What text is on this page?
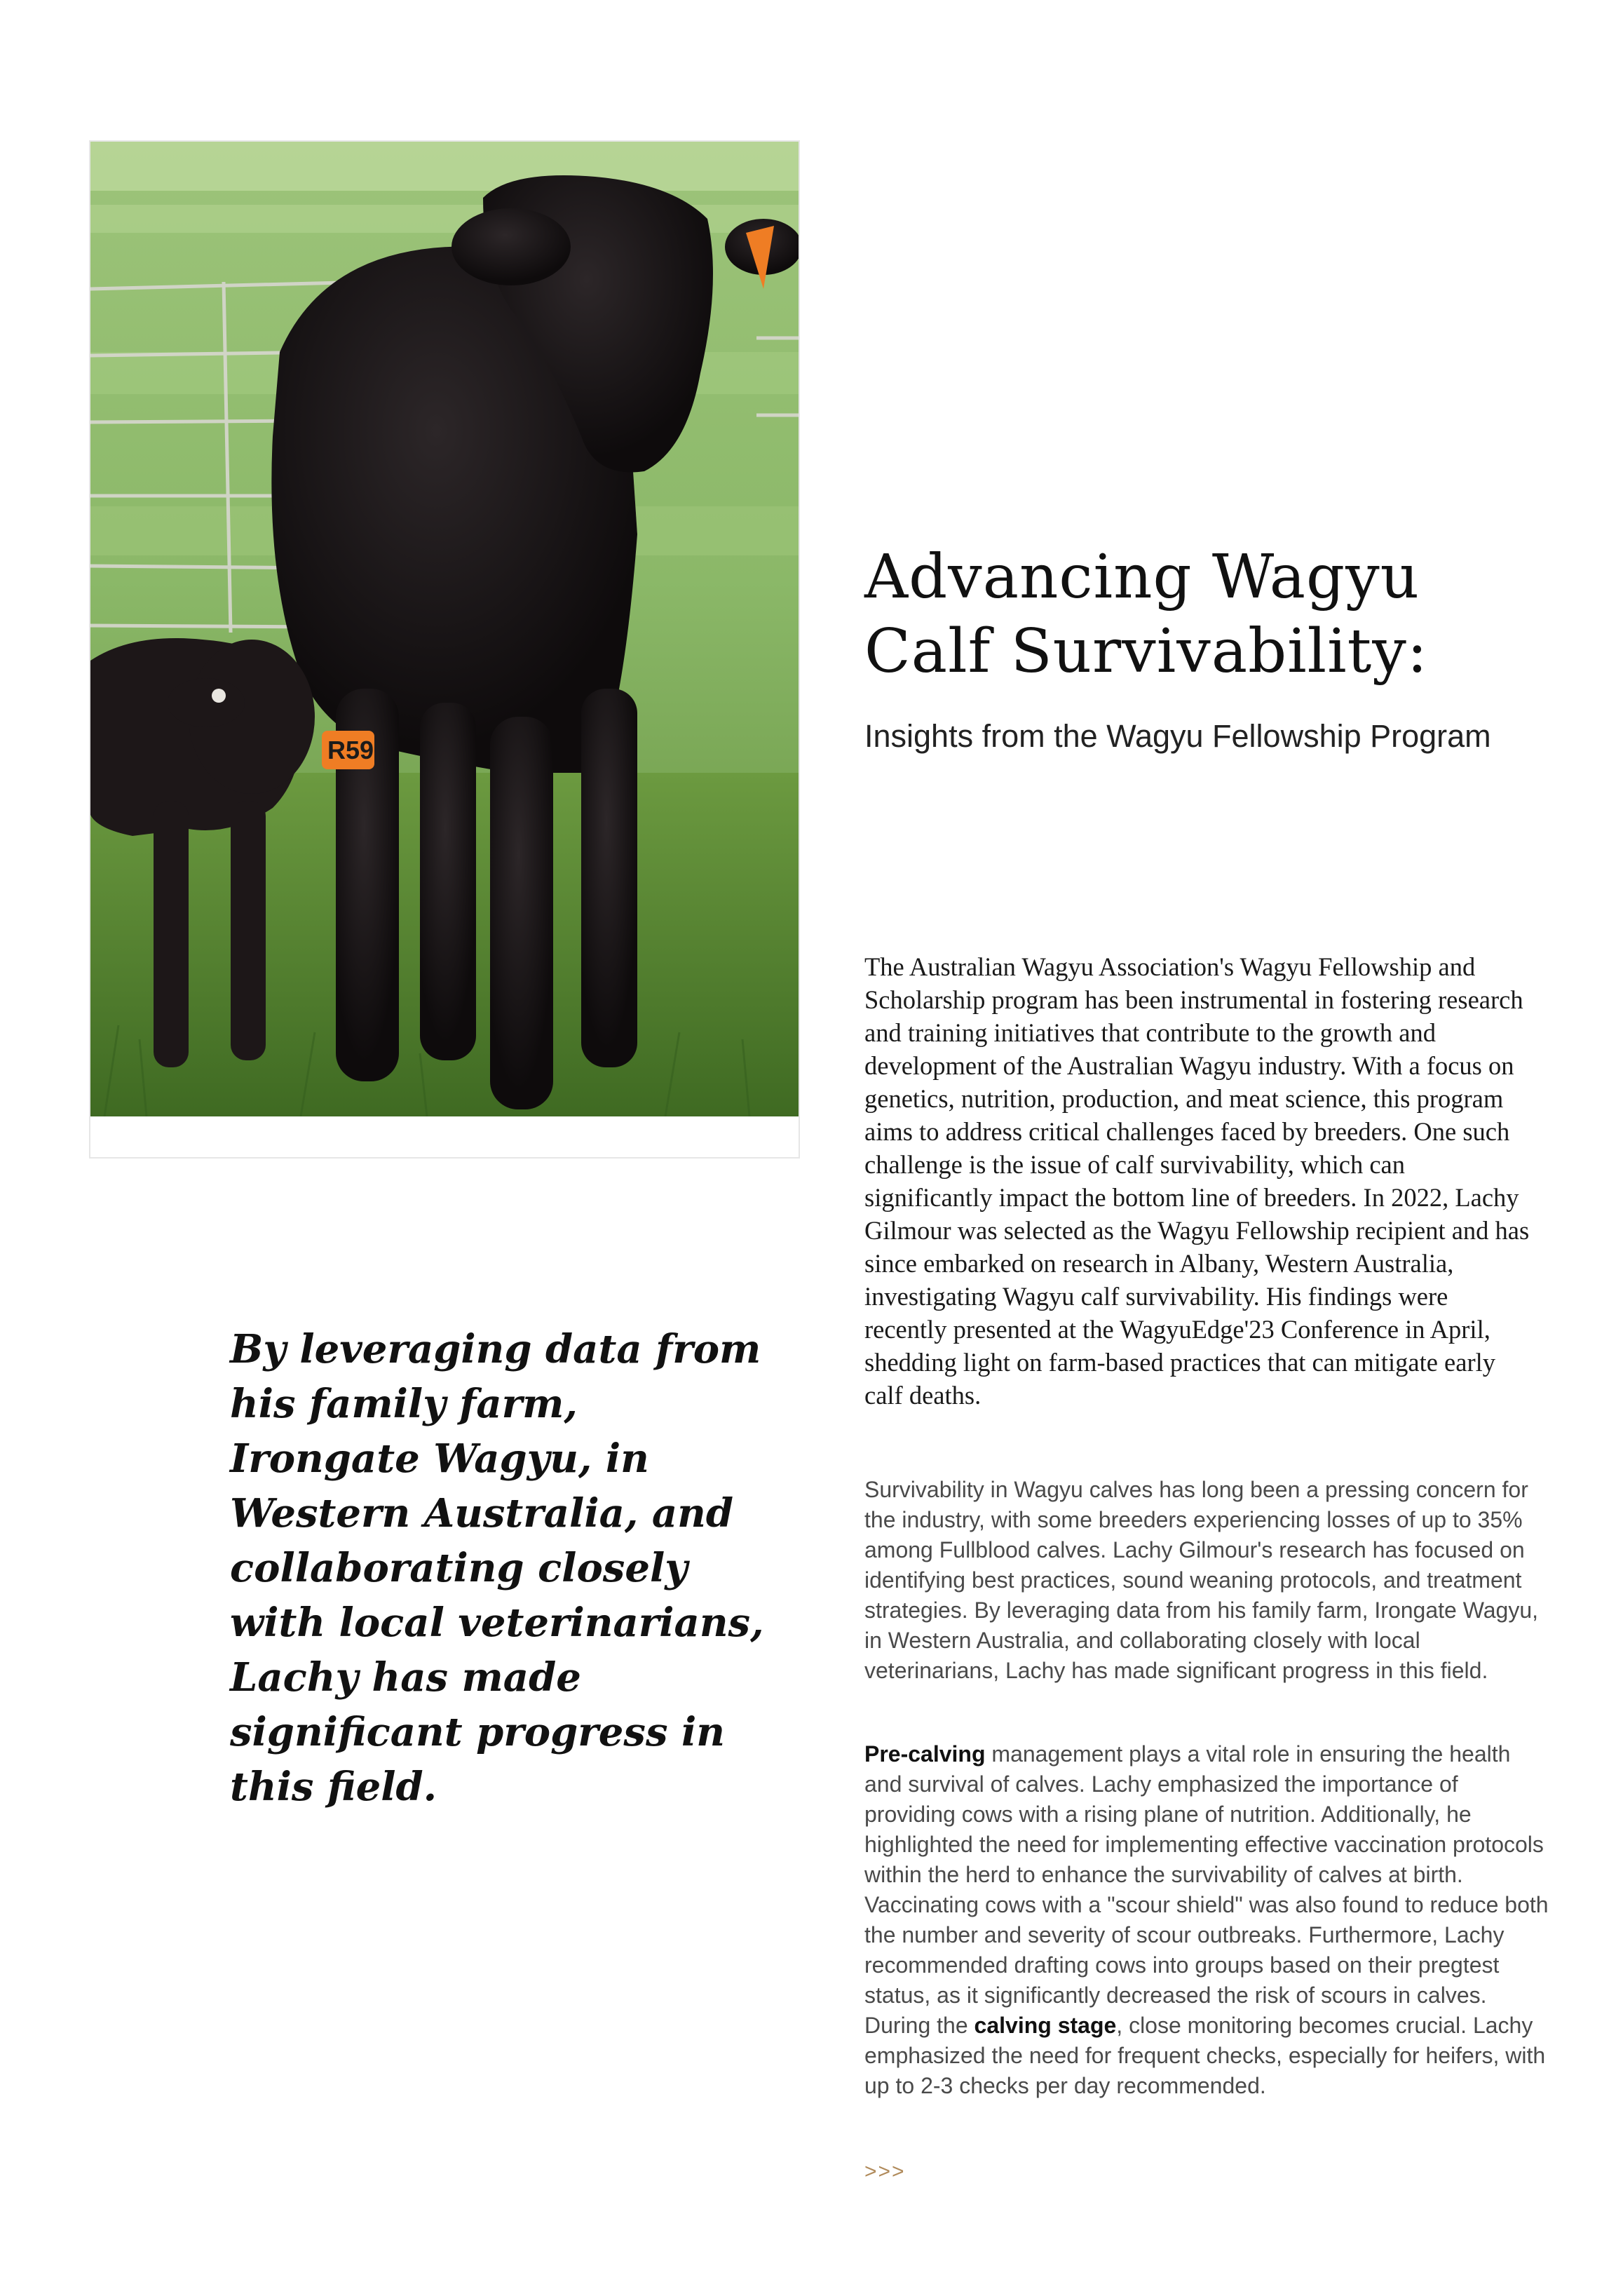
R59
Advancing Wagyu
Calf Survivability:
Insights from the Wagyu Fellowship Program

The Australian Wagyu Association's Wagyu Fellowship and Scholarship program has been instrumental in fostering research and training initiatives that contribute to the growth and development of the Australian Wagyu industry. With a focus on genetics, nutrition, production, and meat science, this program aims to address critical challenges faced by breeders. One such challenge is the issue of calf survivability, which can significantly impact the bottom line of breeders. In 2022, Lachy Gilmour was selected as the Wagyu Fellowship recipient and has since embarked on research in Albany, Western Australia, investigating Wagyu calf survivability. His findings were recently presented at the WagyuEdge'23 Conference in April, shedding light on farm-based practices that can mitigate early calf deaths.

Survivability in Wagyu calves has long been a pressing concern for the industry, with some breeders experiencing losses of up to 35% among Fullblood calves. Lachy Gilmour's research has focused on identifying best practices, sound weaning protocols, and treatment strategies. By leveraging data from his family farm, Irongate Wagyu, in Western Australia, and collaborating closely with local veterinarians, Lachy has made significant progress in this field.

Pre-calving management plays a vital role in ensuring the health and survival of calves. Lachy emphasized the importance of providing cows with a rising plane of nutrition. Additionally, he highlighted the need for implementing effective vaccination protocols within the herd to enhance the survivability of calves at birth. Vaccinating cows with a "scour shield" was also found to reduce both the number and severity of scour outbreaks. Furthermore, Lachy recommended drafting cows into groups based on their pregtest status, as it significantly decreased the risk of scours in calves. During the calving stage, close monitoring becomes crucial. Lachy emphasized the need for frequent checks, especially for heifers, with up to 2-3 checks per day recommended.

>>>

By leveraging data from his family farm, Irongate Wagyu, in Western Australia, and collaborating closely with local veterinarians, Lachy has made significant progress in this field.
